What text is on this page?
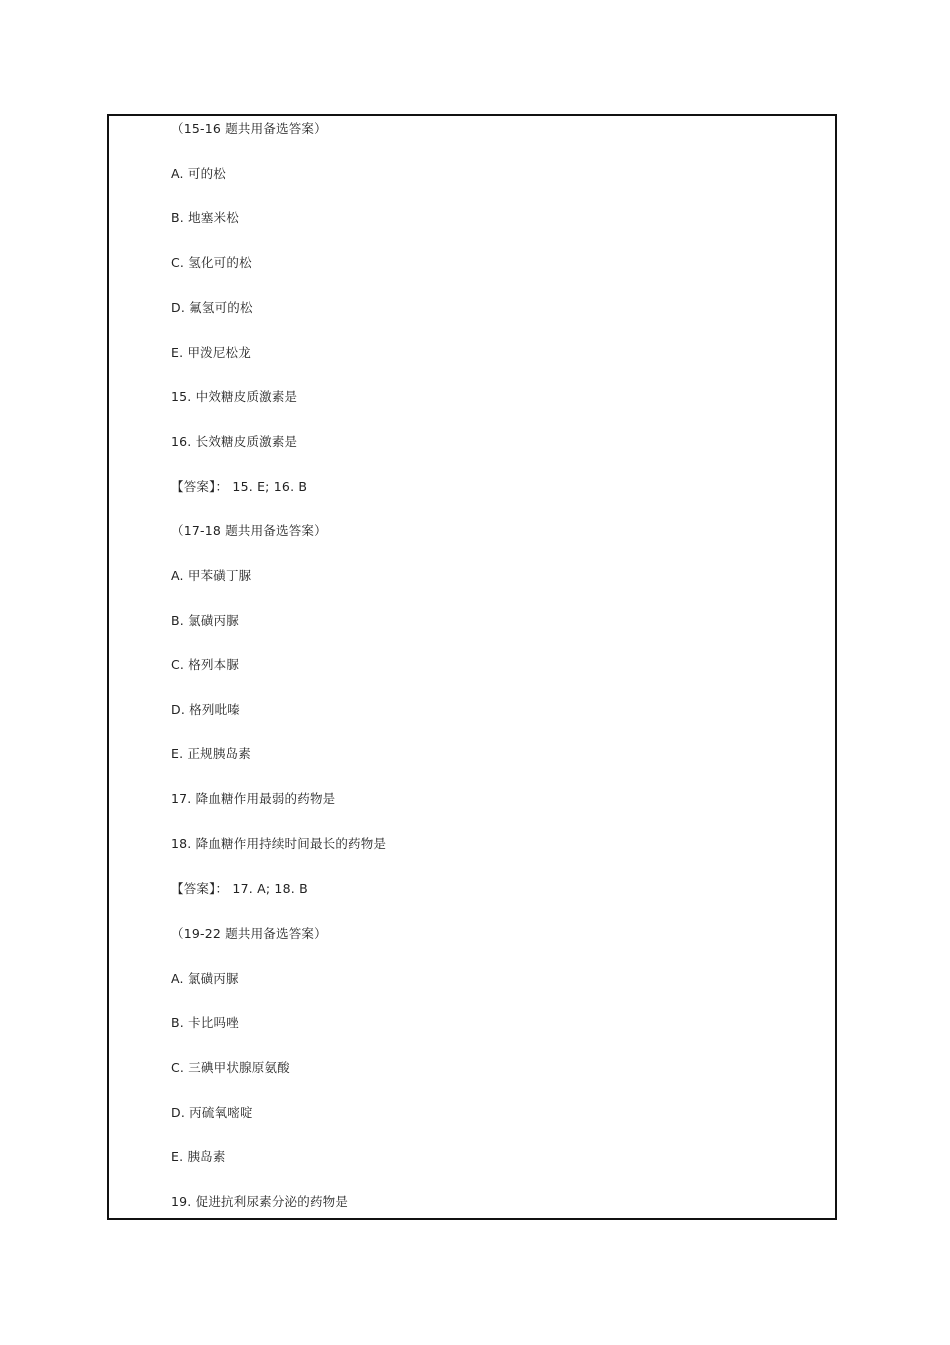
（15-16 题共用备选答案）
A. 可的松
B. 地塞米松
C. 氢化可的松
D. 氟氢可的松
E. 甲泼尼松龙
15. 中效糖皮质激素是
16. 长效糖皮质激素是
【答案】： 15. E; 16. B
（17-18 题共用备选答案）
A. 甲苯磺丁脲
B. 氯磺丙脲
C. 格列本脲
D. 格列吡嗪
E. 正规胰岛素
17. 降血糖作用最弱的药物是
18. 降血糖作用持续时间最长的药物是
【答案】： 17. A; 18. B
（19-22 题共用备选答案）
A. 氯磺丙脲
B. 卡比吗唑
C. 三碘甲状腺原氨酸
D. 丙硫氧嘧啶
E. 胰岛素
19. 促进抗利尿素分泌的药物是
